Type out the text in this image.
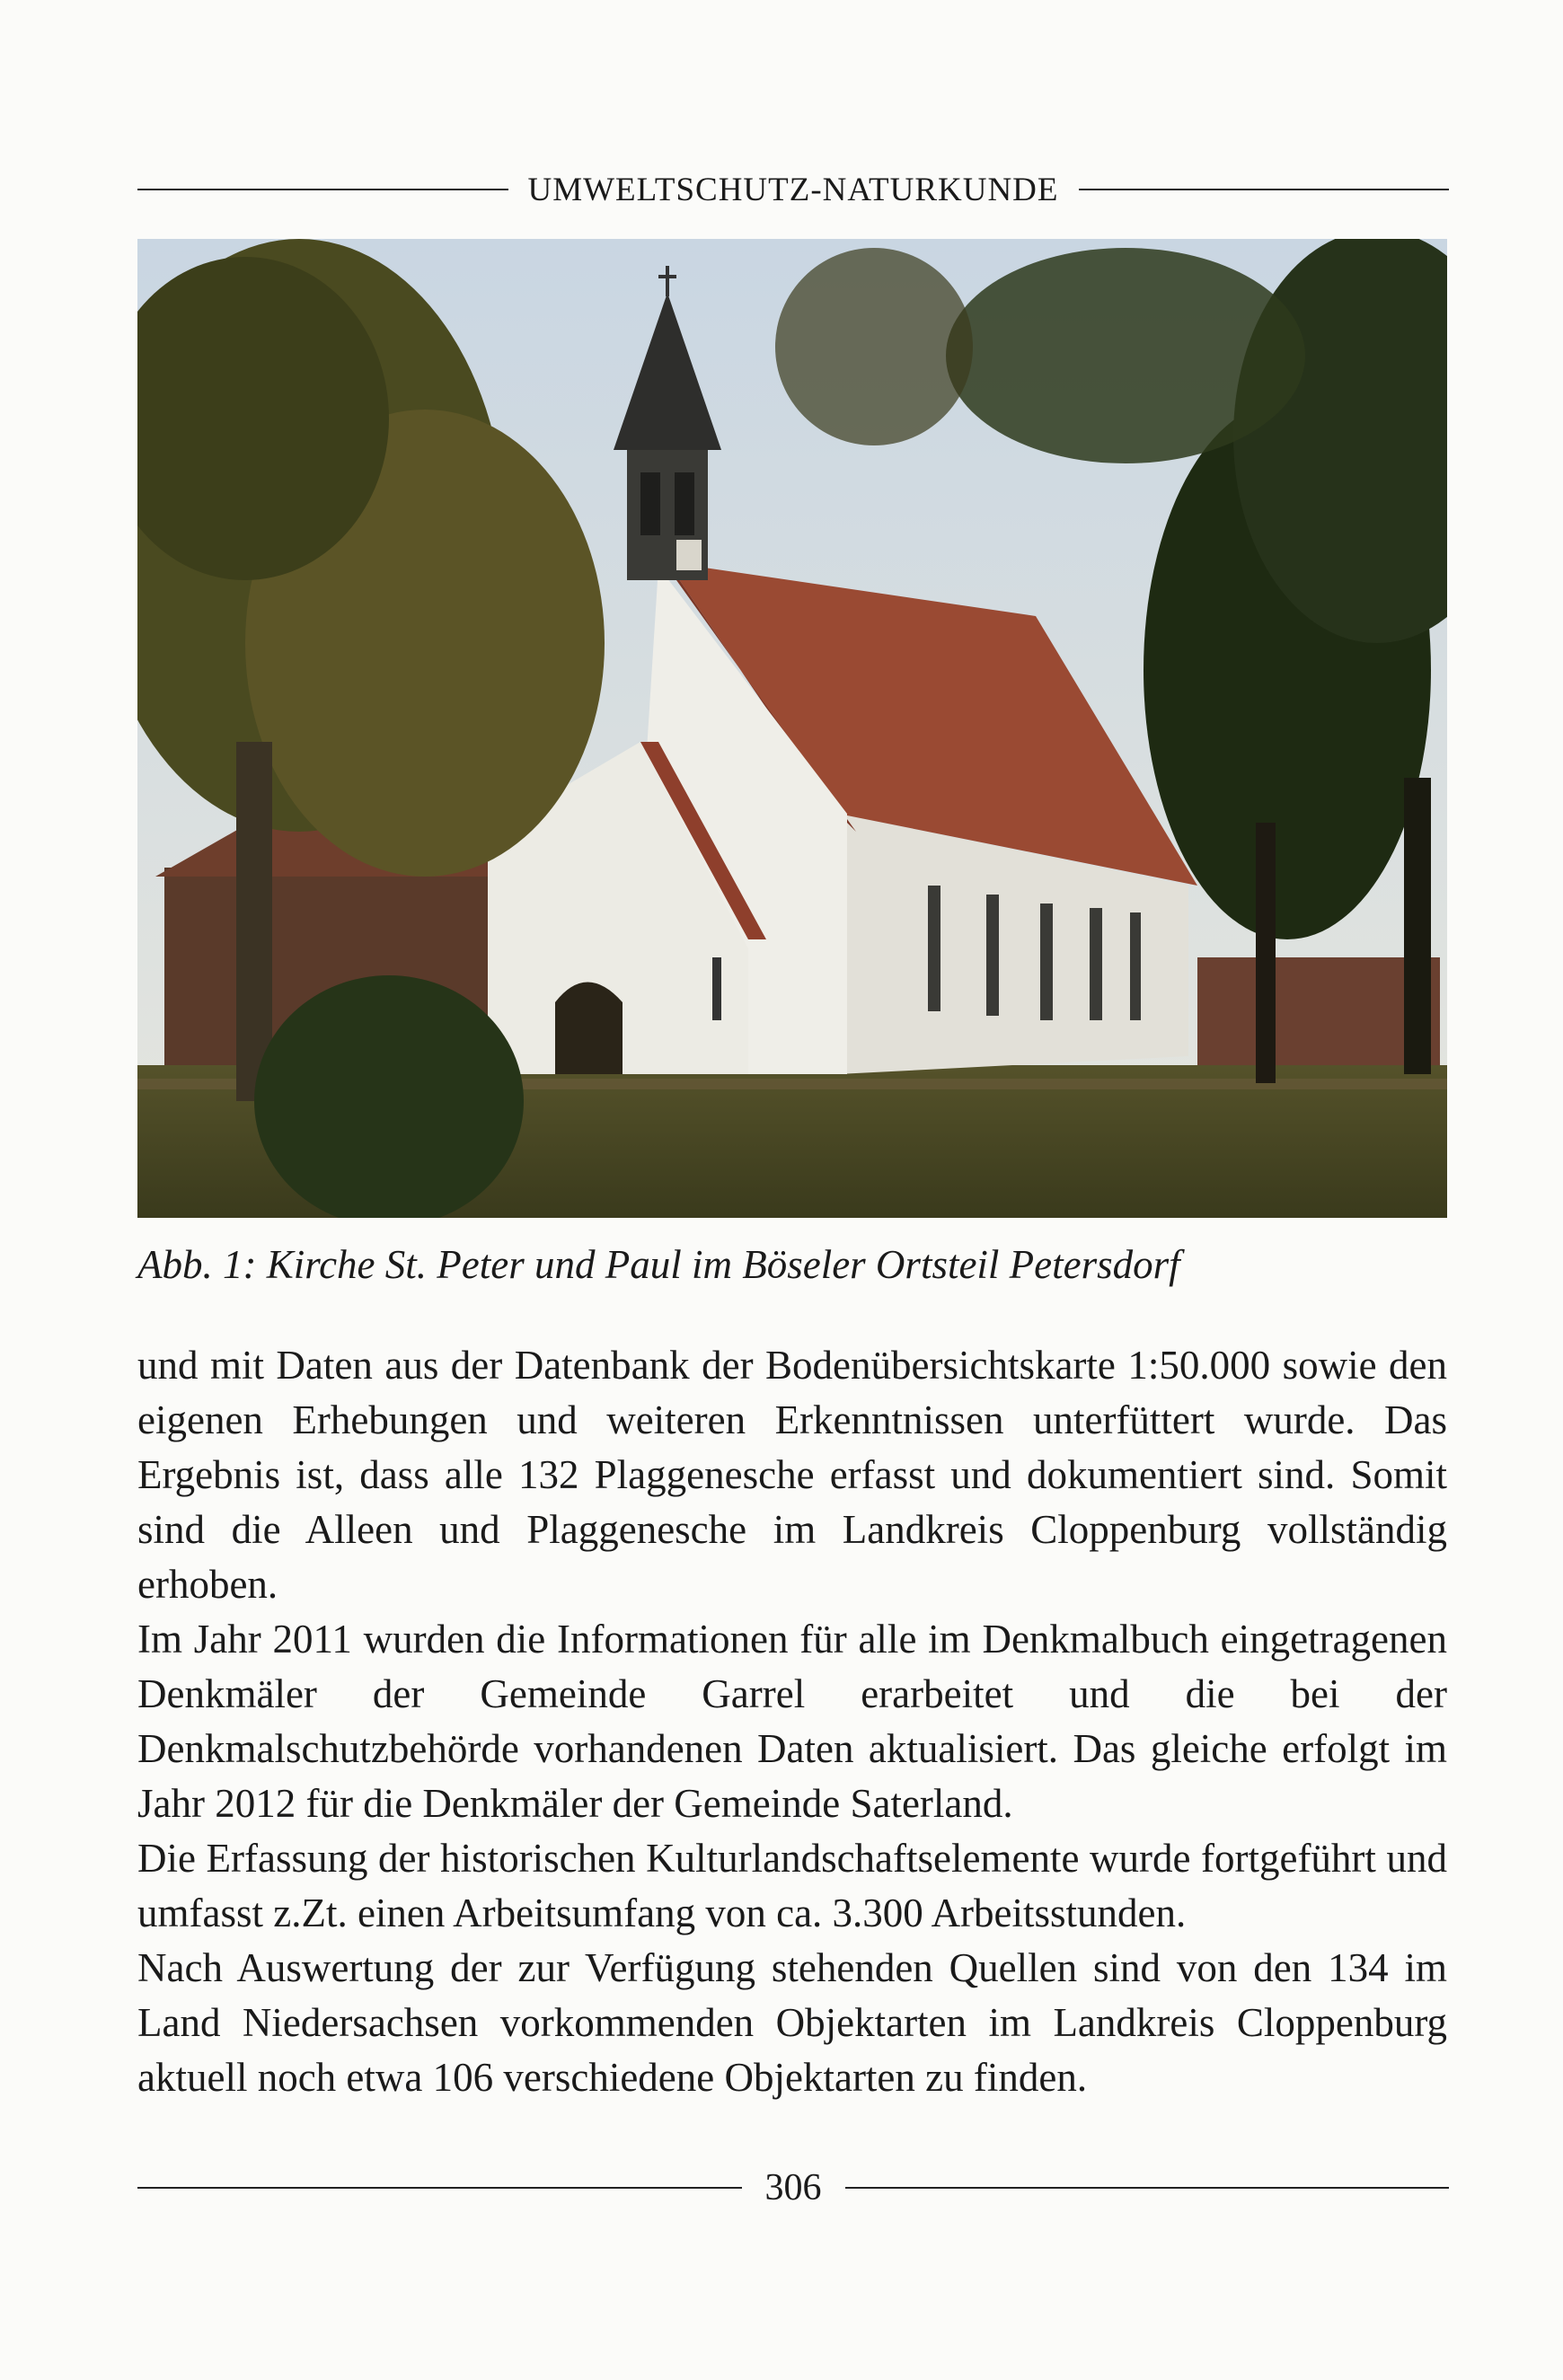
UMWELTSCHUTZ-NATURKUNDE
Abb. 1: Kirche St. Peter und Paul im Böseler Ortsteil Petersdorf

und mit Daten aus der Datenbank der Bodenübersichtskarte 1:50.000 sowie den eigenen Erhebungen und weiteren Erkenntnissen unterfüttert wurde. Das Ergebnis ist, dass alle 132 Plaggenesche erfasst und dokumentiert sind. Somit sind die Alleen und Plaggenesche im Landkreis Cloppenburg vollständig erhoben.

Im Jahr 2011 wurden die Informationen für alle im Denkmalbuch eingetragenen Denkmäler der Gemeinde Garrel erarbeitet und die bei der Denkmalschutzbehörde vorhandenen Daten aktualisiert. Das gleiche erfolgt im Jahr 2012 für die Denkmäler der Gemeinde Saterland.

Die Erfassung der historischen Kulturlandschaftselemente wurde fortgeführt und umfasst z.Zt. einen Arbeitsumfang von ca. 3.300 Arbeitsstunden.

Nach Auswertung der zur Verfügung stehenden Quellen sind von den 134 im Land Niedersachsen vorkommenden Objektarten im Landkreis Cloppenburg aktuell noch etwa 106 verschiedene Objektarten zu finden.

306
